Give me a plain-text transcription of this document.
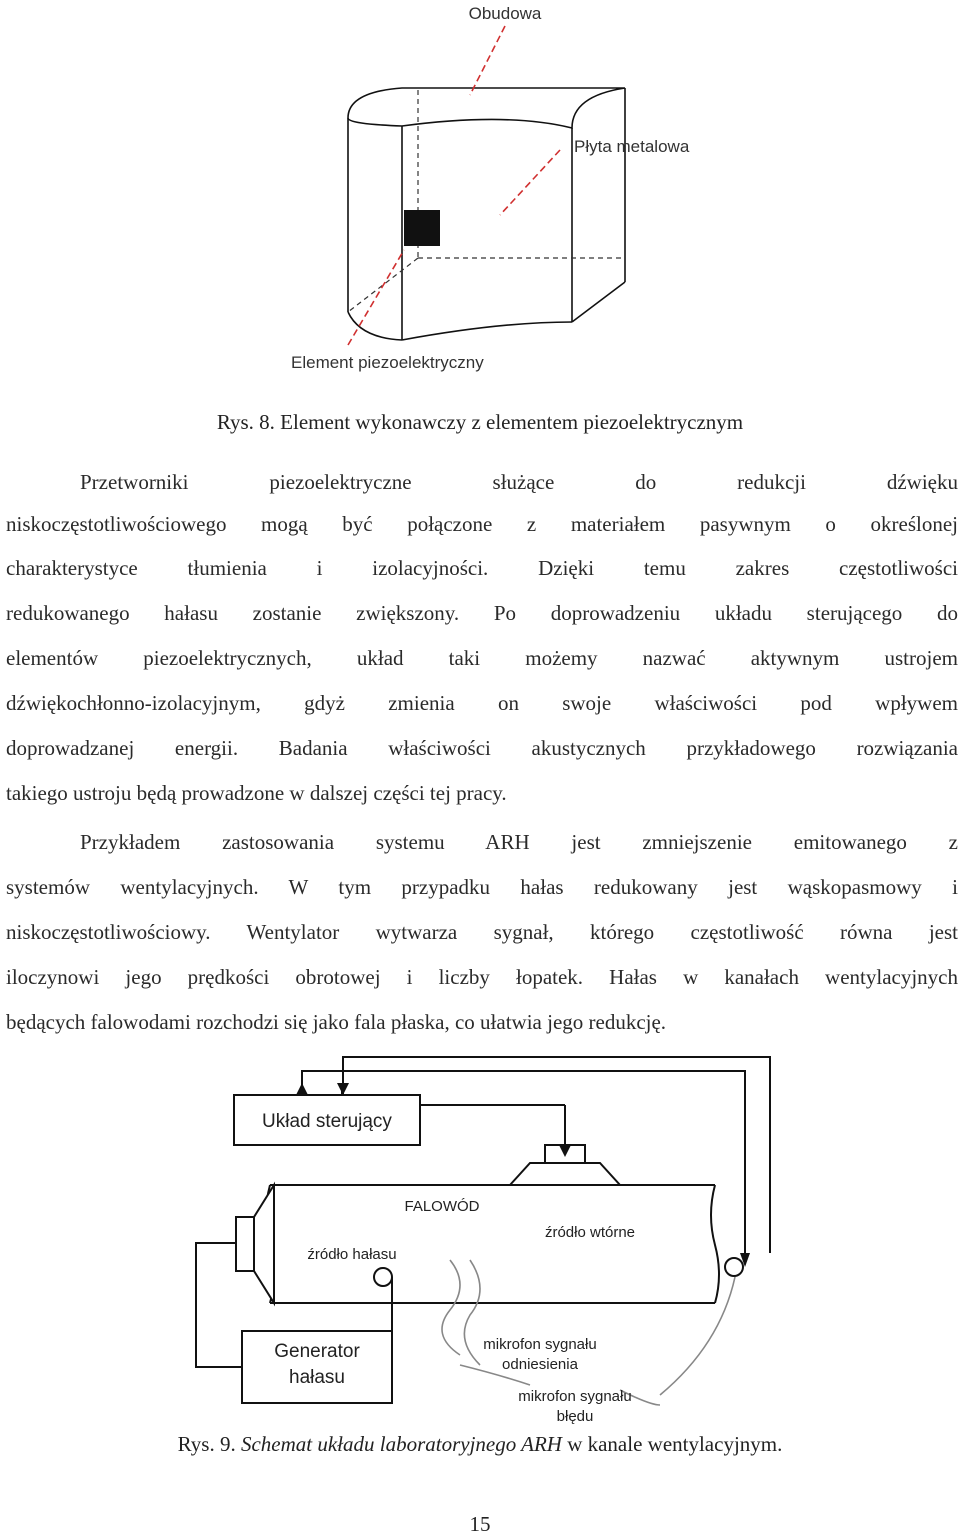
Obudowa
Płyta metalowa
Element piezoelektryczny
Rys. 8. Element wykonawczy z elementem piezoelektrycznym
Przetworniki piezoelektryczne służące do redukcji dźwięku
niskoczęstotliwościowego mogą być połączone z materiałem pasywnym o określonej
charakterystyce tłumienia i izolacyjności. Dzięki temu zakres częstotliwości
redukowanego hałasu zostanie zwiększony. Po doprowadzeniu układu sterującego do
elementów piezoelektrycznych, układ taki możemy nazwać aktywnym ustrojem
dźwiękochłonno-izolacyjnym, gdyż zmienia on swoje właściwości pod wpływem
doprowadzanej energii. Badania właściwości akustycznych przykładowego rozwiązania
takiego ustroju będą prowadzone w dalszej części tej pracy.
Przykładem zastosowania systemu ARH jest zmniejszenie emitowanego z
systemów wentylacyjnych. W tym przypadku hałas redukowany jest wąskopasmowy i
niskoczęstotliwościowy. Wentylator wytwarza sygnał, którego częstotliwość równa jest
iloczynowi jego prędkości obrotowej i liczby łopatek. Hałas w kanałach wentylacyjnych
będących falowodami rozchodzi się jako fala płaska, co ułatwia jego redukcję.
Układ sterujący
FALOWÓD
źródło wtórne
źródło hałasu
Generator
hałasu
mikrofon sygnału
odniesienia
mikrofon sygnału
błędu
Rys. 9. Schemat układu laboratoryjnego ARH w kanale wentylacyjnym.
15
